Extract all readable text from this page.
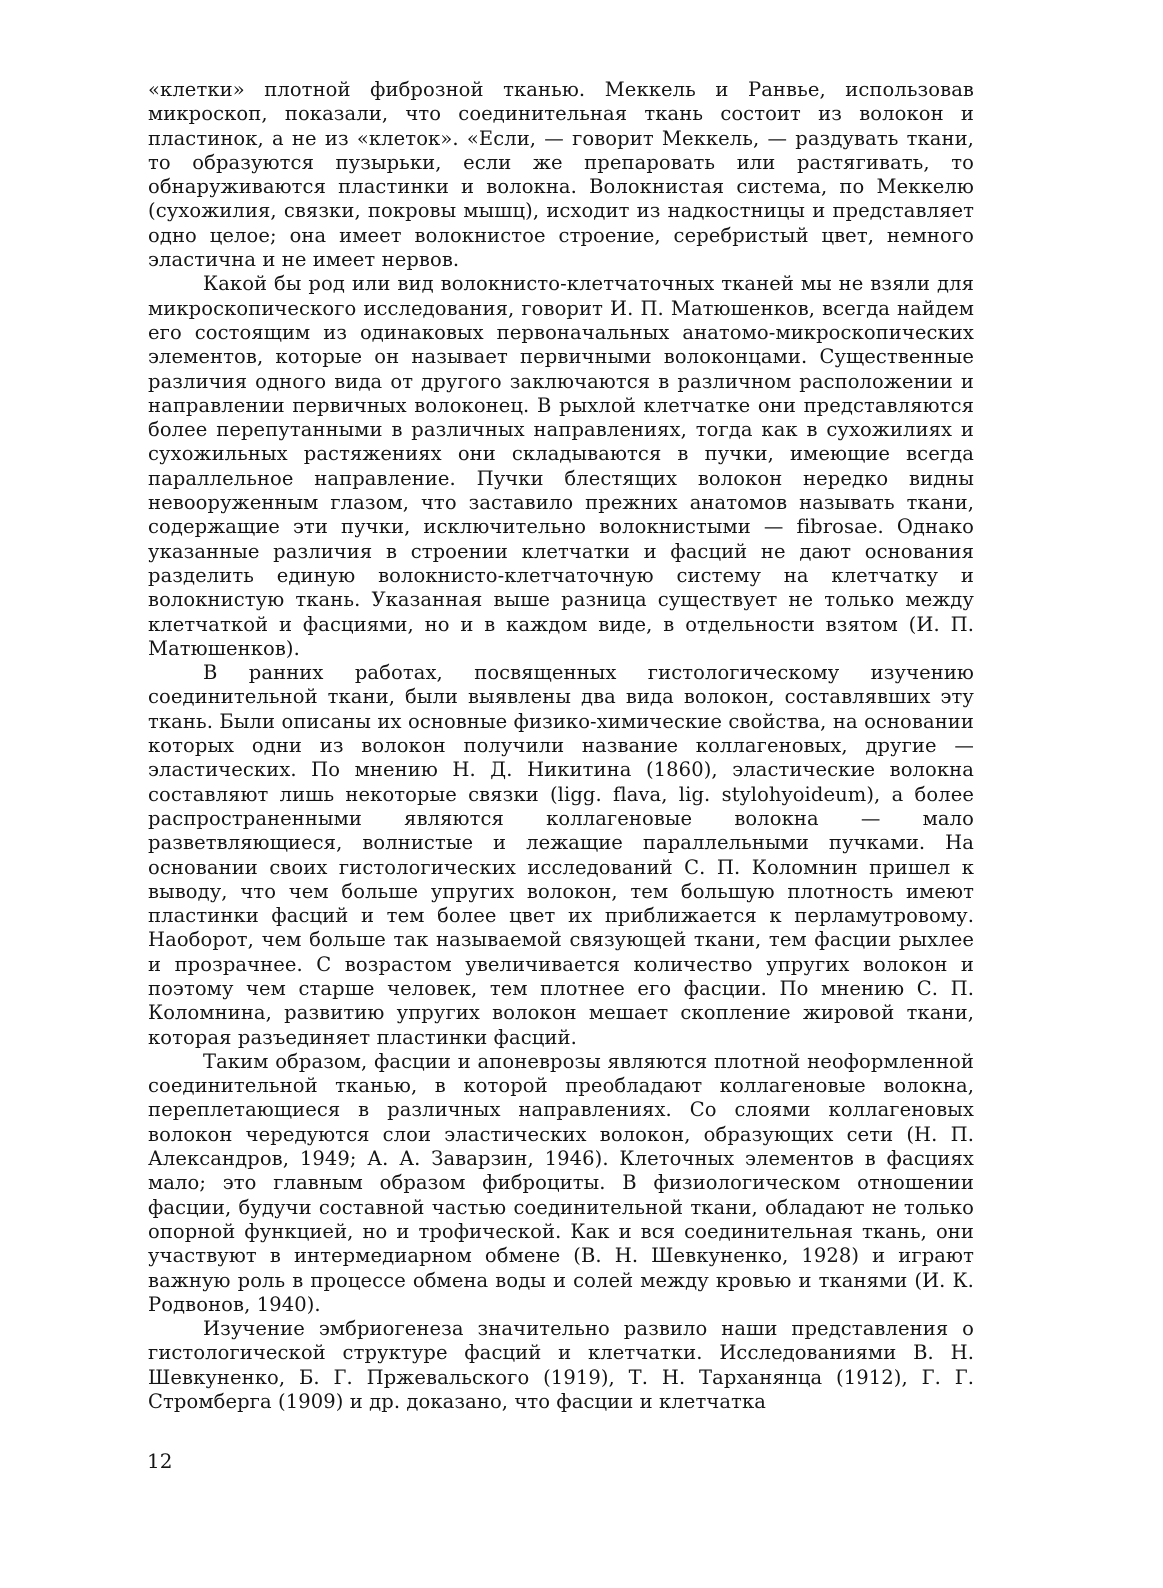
«клетки» плотной фиброзной тканью. Меккель и Ранвье, использовав микроскоп, показали, что соединительная ткань состоит из волокон и пластинок, а не из «клеток». «Если, — говорит Меккель, — раздувать ткани, то образуются пузырьки, если же препаровать или растягивать, то обнаруживаются пластинки и волокна. Волокнистая система, по Меккелю (сухожилия, связки, покровы мышц), исходит из надкостницы и представляет одно целое; она имеет волокнистое строение, серебристый цвет, немного эластична и не имеет нервов.

Какой бы род или вид волокнисто-клетчаточных тканей мы не взяли для микроскопического исследования, говорит И. П. Матюшенков, всегда найдем его состоящим из одинаковых первоначальных анатомо-микроскопических элементов, которые он называет первичными волоконцами. Существенные различия одного вида от другого заключаются в различном расположении и направлении первичных волоконец. В рыхлой клетчатке они представляются более перепутанными в различных направлениях, тогда как в сухожилиях и сухожильных растяжениях они складываются в пучки, имеющие всегда параллельное направление. Пучки блестящих волокон нередко видны невооруженным глазом, что заставило прежних анатомов называть ткани, содержащие эти пучки, исключительно волокнистыми — fibrosae. Однако указанные различия в строении клетчатки и фасций не дают основания разделить единую волокнисто-клетчаточную систему на клетчатку и волокнистую ткань. Указанная выше разница существует не только между клетчаткой и фасциями, но и в каждом виде, в отдельности взятом (И. П. Матюшенков).

В ранних работах, посвященных гистологическому изучению соединительной ткани, были выявлены два вида волокон, составлявших эту ткань. Были описаны их основные физико-химические свойства, на основании которых одни из волокон получили название коллагеновых, другие — эластических. По мнению Н. Д. Никитина (1860), эластические волокна составляют лишь некоторые связки (ligg. flava, lig. stylohyoideum), а более распространенными являются коллагеновые волокна — мало разветвляющиеся, волнистые и лежащие параллельными пучками. На основании своих гистологических исследований С. П. Коломнин пришел к выводу, что чем больше упругих волокон, тем большую плотность имеют пластинки фасций и тем более цвет их приближается к перламутровому. Наоборот, чем больше так называемой связующей ткани, тем фасции рыхлее и прозрачнее. С возрастом увеличивается количество упругих волокон и поэтому чем старше человек, тем плотнее его фасции. По мнению С. П. Коломнина, развитию упругих волокон мешает скопление жировой ткани, которая разъединяет пластинки фасций.

Таким образом, фасции и апоневрозы являются плотной неоформленной соединительной тканью, в которой преобладают коллагеновые волокна, переплетающиеся в различных направлениях. Со слоями коллагеновых волокон чередуются слои эластических волокон, образующих сети (Н. П. Александров, 1949; А. А. Заварзин, 1946). Клеточных элементов в фасциях мало; это главным образом фиброциты. В физиологическом отношении фасции, будучи составной частью соединительной ткани, обладают не только опорной функцией, но и трофической. Как и вся соединительная ткань, они участвуют в интермедиарном обмене (В. Н. Шевкуненко, 1928) и играют важную роль в процессе обмена воды и солей между кровью и тканями (И. К. Родвонов, 1940).

Изучение эмбриогенеза значительно развило наши представления о гистологической структуре фасций и клетчатки. Исследованиями В. Н. Шевкуненко, Б. Г. Пржевальского (1919), Т. Н. Тарханянца (1912), Г. Г. Стромберга (1909) и др. доказано, что фасции и клетчатка

12
